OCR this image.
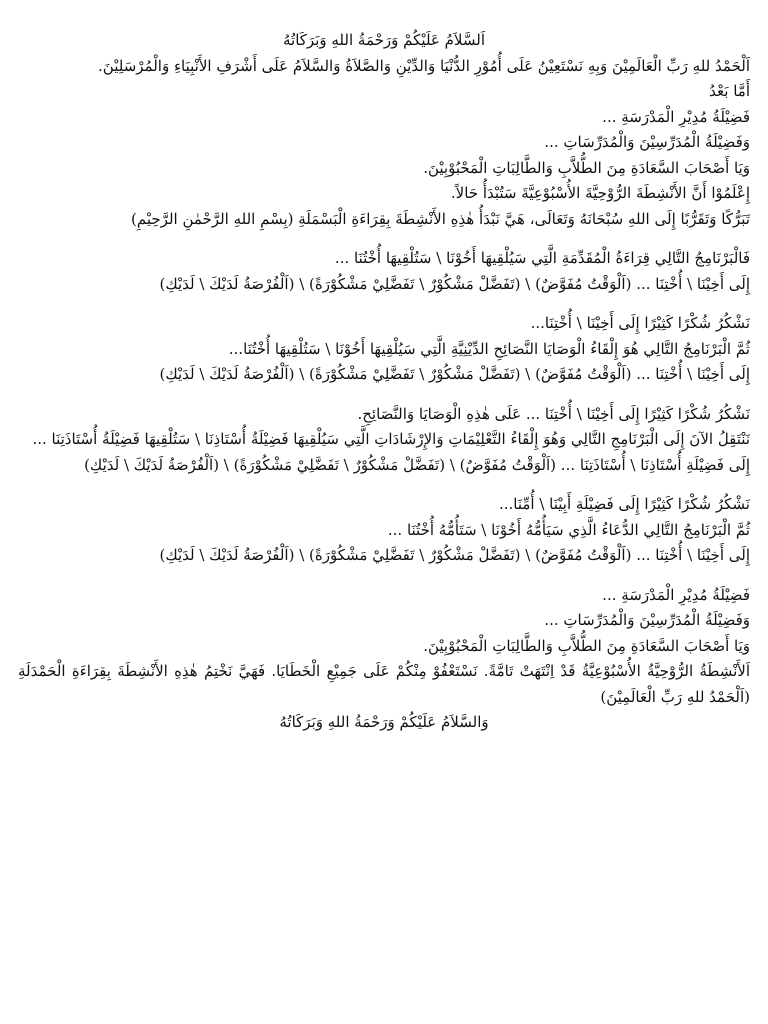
اَلسَّلاَمُ عَلَيْكُمْ وَرَحْمَةُ اللهِ وَبَرَكَاتُهُ
اَلْحَمْدُ للهِ رَبِّ الْعَالَمِيْنَ وَبِهِ نَسْتَعِيْنُ عَلَى أُمُوْرِ الدُّنْيَا وَالدِّيْنِ وَالصَّلاَةُ وَالسَّلاَمُ عَلَى أَشْرَفِ الأَنْبِيَاءِ وَالْمُرْسَلِيْنَ.
أَمَّا بَعْدُ
فَضِيْلَةُ مُدِيْرِ الْمَدْرَسَةِ ...
وَفَضِيْلَةُ الْمُدَرِّسِيْنَ وَالْمُدَرِّسَاتِ ...
وَيَا أَصْحَابَ السَّعَادَةِ مِنَ الطُّلاَّبِ وَالطَّالِبَاتِ الْمَحْبُوْبِيْنَ.
إِعْلَمُوْا أَنَّ الأَنْشِطَةَ الرُّوْحِيَّةَ الأُسْبُوْعِيَّةَ سَتُبْدَأُ حَالاً.
تَبَرُّكًا وَتَقَرُّبًا إِلَى اللهِ سُبْحَانَهُ وَتَعَالَى، هَيَّ نَبْدَأُ هٰذِهِ الأَنْشِطَةَ بِقِرَاءَةِ الْبَسْمَلَةِ (بِسْمِ اللهِ الرَّحْمٰنِ الرَّحِيْمِ)
فَالْبَرْنَامِجُ التَّالِي قِرَاءَةُ الْمُقَدِّمَةِ الَّتِي سَيُلْقِيهَا أَخُوْنَا \ سَتُلْقِيهَا أُخْتُنَا ...
إِلَى أَخِيْنَا \ أُخْتِنَا ... (اَلْوَقْتُ مُفَوَّضٌ) \ (تَفَضَّلْ مَشْكُوْرٌ \ تَفَضَّلِيْ مَشْكُوْرَةً) \ (اَلْفُرْصَةُ لَدَيْكَ \ لَدَيْكِ)
نَشْكُرُ شُكْرًا كَثِيْرًا إِلَى أَخِيْنَا \ أُخْتِنَا...
ثُمَّ الْبَرْنَامِجُ التَّالِي هُوَ إِلْقَاءُ الْوَصَايَا النَّصَائِحِ الدِّيْنِيَّةِ الَّتِي سَيُلْقِيهَا أَخُوْنَا \ سَتُلْقِيهَا أُخْتُنَا...
إِلَى أَخِيْنَا \ أُخْتِنَا ... (اَلْوَقْتُ مُفَوَّضٌ) \ (تَفَضَّلْ مَشْكُوْرٌ \ تَفَضَّلِيْ مَشْكُوْرَةً) \ (اَلْفُرْصَةُ لَدَيْكَ \ لَدَيْكِ)
نَشْكُرُ شُكْرًا كَثِيْرًا إِلَى أَخِيْنَا \ أُخْتِنَا ... عَلَى هٰذِهِ الْوَصَايَا وَالنَّصَائِحِ.
نَنْتَقِلُ الآنَ إِلَى الْبَرْنَامِجِ التَّالِي وَهُوَ إِلْقَاءُ التَّعْلِيْمَاتِ وَالإِرْشَادَاتِ الَّتِي سَيُلْقِيهَا فَضِيْلَةُ أُسْتَاذِنَا \ سَتُلْقِيهَا فَضِيْلَةُ أُسْتَاذَتِنَا ...
إِلَى فَضِيْلَةِ أُسْتَاذِنَا \ أُسْتَاذَتِنَا ... (اَلْوَقْتُ مُفَوَّضٌ) \ (تَفَضَّلْ مَشْكُوْرٌ \ تَفَضَّلِيْ مَشْكُوْرَةً) \ (اَلْفُرْصَةُ لَدَيْكَ \ لَدَيْكِ)
نَشْكُرُ شُكْرًا كَثِيْرًا إِلَى فَضِيْلَةِ أَبِيْنَا \ أُمِّنَا...
ثُمَّ الْبَرْنَامِجُ التَّالِي الدُّعَاءُ الَّذِي سَيَأُمُّهُ أَخُوْنَا \ سَتَأُمُّهُ أُخْتُنَا ...
إِلَى أَخِيْنَا \ أُخْتِنَا ... (اَلْوَقْتُ مُفَوَّضٌ) \ (تَفَضَّلْ مَشْكُوْرٌ \ تَفَضَّلِيْ مَشْكُوْرَةً) \ (اَلْفُرْصَةُ لَدَيْكَ \ لَدَيْكِ)
فَضِيْلَةُ مُدِيْرِ الْمَدْرَسَةِ ...
وَفَضِيْلَةُ الْمُدَرِّسِيْنَ وَالْمُدَرِّسَاتِ ...
وَيَا أَصْحَابَ السَّعَادَةِ مِنَ الطُّلاَّبِ وَالطَّالِبَاتِ الْمَحْبُوْبِيْنَ.
اَلأَنْشِطَةُ الرُّوْحِيَّةُ الأُسْبُوْعِيَّةُ قَدْ اِنْتَهَتْ تَامَّةً. نَسْتَعْفُوْ مِنْكُمْ عَلَى جَمِيْعِ الْخَطَايَا. فَهَيَّ نَخْتِمُ هٰذِهِ الأَنْشِطَةَ بِقِرَاءَةِ الْحَمْدَلَةِ (اَلْحَمْدُ للهِ رَبِّ الْعَالَمِيْنَ)
وَالسَّلاَمُ عَلَيْكُمْ وَرَحْمَةُ اللهِ وَبَرَكَاتُهُ
